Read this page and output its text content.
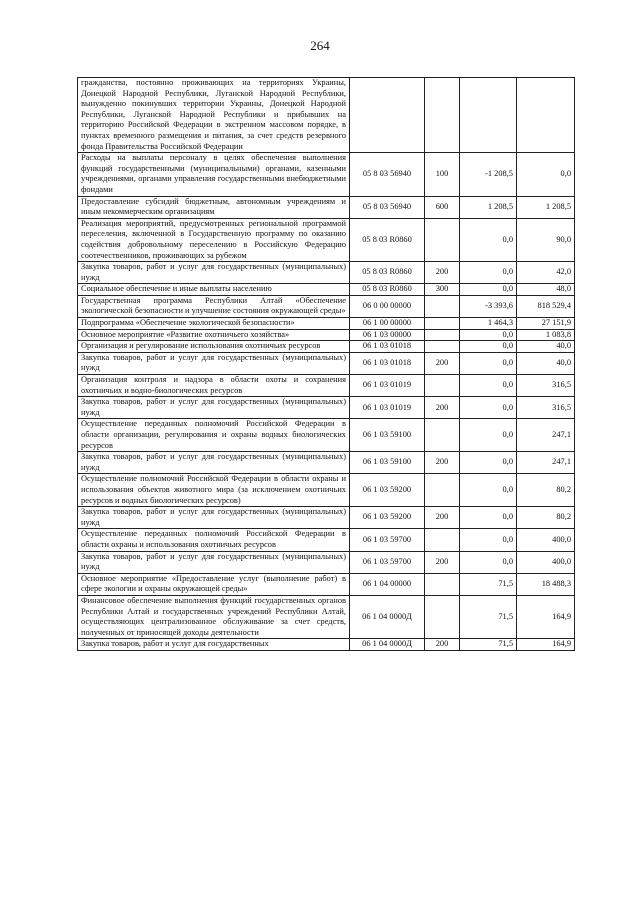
264
гражданства, постоянно проживающих на территориях Украины, Донецкой Народной Республики, Луганской Народной Республики, вынужденно покинувших территории Украины, Донецкой Народной Республики, Луганской Народной Республики и прибывших на территорию Российской Федерации в экстренном массовом порядке, в пунктах временного размещения и питания, за счет средств резервного фонда Правительства Российской Федерации				
Расходы на выплаты персоналу в целях обеспечения выполнения функций государственными (муниципальными) органами, казенными учреждениями, органами управления государственными внебюджетными фондами	05 8 03 56940	100	-1 208,5	0,0
Предоставление субсидий бюджетным, автономным учреждениям и иным некоммерческим организациям	05 8 03 56940	600	1 208,5	1 208,5
Реализация мероприятий, предусмотренных региональной программой переселения, включенной в Государственную программу по оказанию содействия добровольному переселению в Российскую Федерацию соотечественников, проживающих за рубежом	05 8 03 R0860		0,0	90,0
Закупка товаров, работ и услуг для государственных (муниципальных) нужд	05 8 03 R0860	200	0,0	42,0
Социальное обеспечение и иные выплаты населению	05 8 03 R0860	300	0,0	48,0
Государственная программа Республики Алтай «Обеспечение экологической безопасности и улучшение состояния окружающей среды»	06 0 00 00000		-3 393,6	818 529,4
Подпрограмма «Обеспечение экологической безопасности»	06 1 00 00000		1 464,3	27 151,9
Основное мероприятие «Развитие охотничьего хозяйства»	06 1 03 00000		0,0	1 083,8
Организация и регулирование использования охотничьих ресурсов	06 1 03 01018		0,0	40,0
Закупка товаров, работ и услуг для государственных (муниципальных) нужд	06 1 03 01018	200	0,0	40,0
Организация контроля и надзора в области охоты и сохранения охотничьих и водно-биологических ресурсов	06 1 03 01019		0,0	316,5
Закупка товаров, работ и услуг для государственных (муниципальных) нужд	06 1 03 01019	200	0,0	316,5
Осуществление переданных полномочий Российской Федерации в области организации, регулирования и охраны водных биологических ресурсов	06 1 03 59100		0,0	247,1
Закупка товаров, работ и услуг для государственных (муниципальных) нужд	06 1 03 59100	200	0,0	247,1
Осуществление полномочий Российской Федерации в области охраны и использования объектов животного мира (за исключением охотничьих ресурсов и водных биологических ресурсов)	06 1 03 59200		0,0	80,2
Закупка товаров, работ и услуг для государственных (муниципальных) нужд	06 1 03 59200	200	0,0	80,2
Осуществление переданных полномочий Российской Федерации в области охраны и использования охотничьих ресурсов	06 1 03 59700		0,0	400,0
Закупка товаров, работ и услуг для государственных (муниципальных) нужд	06 1 03 59700	200	0,0	400,0
Основное мероприятие «Предоставление услуг (выполнение работ) в сфере экологии и охраны окружающей среды»	06 1 04 00000		71,5	18 488,3
Финансовое обеспечение выполнения функций государственных органов Республики Алтай и государственных учреждений Республики Алтай, осуществляющих централизованное обслуживание за счет средств, полученных от приносящей доходы деятельности	06 1 04 0000Д		71,5	164,9
Закупка товаров, работ и услуг для государственных	06 1 04 0000Д	200	71,5	164,9
